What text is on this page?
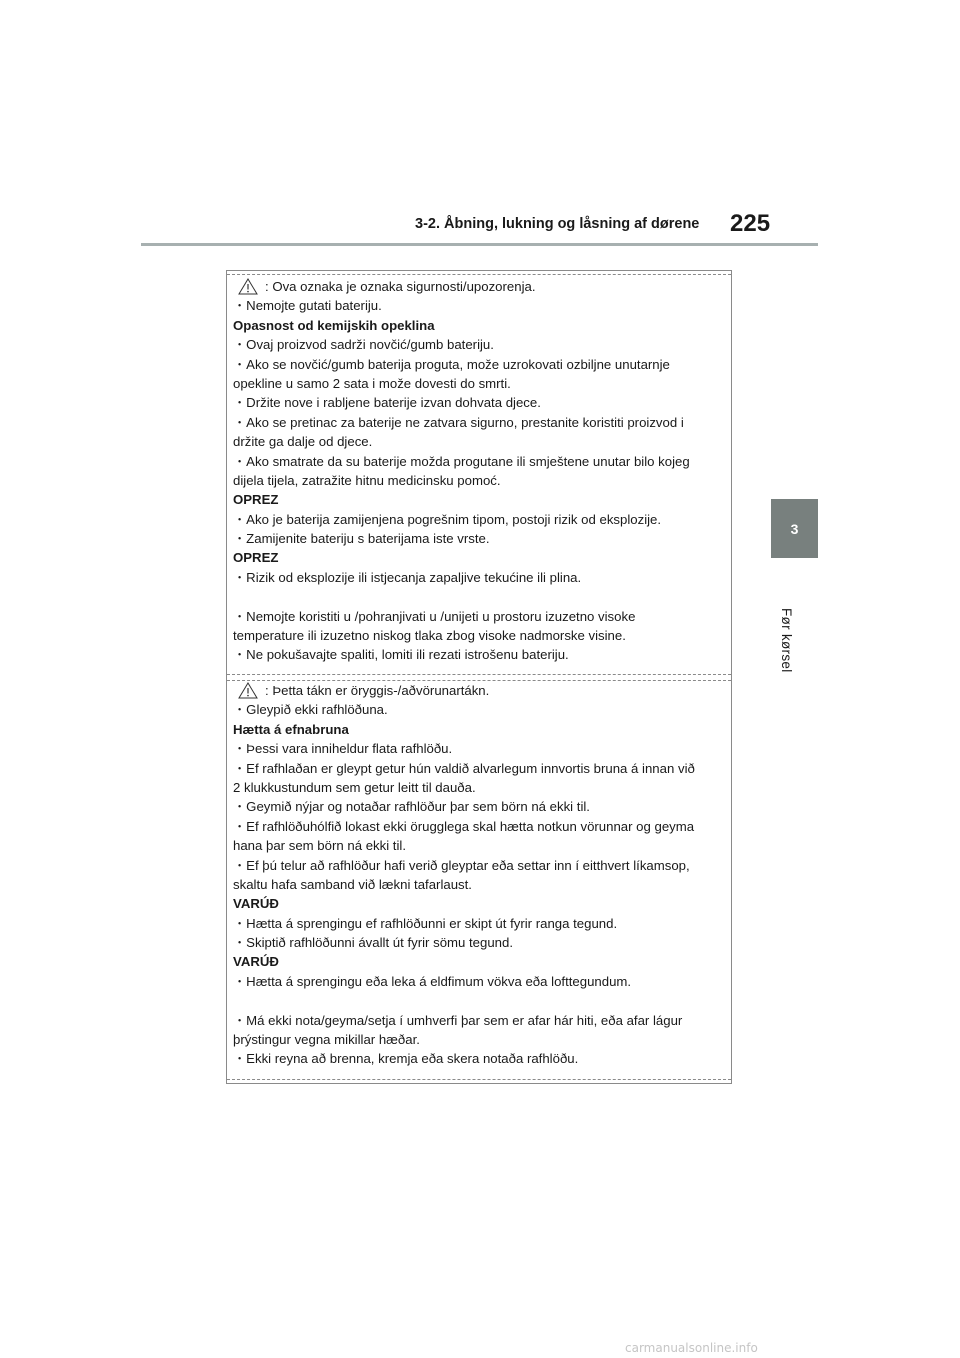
3-2. Åbning, lukning og låsning af dørene 225
3
Før kørsel
: Ova oznaka je oznaka sigurnosti/upozorenja.
・Nemojte gutati bateriju.
Opasnost od kemijskih opeklina
・Ovaj proizvod sadrži novčić/gumb bateriju.
・Ako se novčić/gumb baterija proguta, može uzrokovati ozbiljne unutarnje
opekline u samo 2 sata i može dovesti do smrti.
・Držite nove i rabljene baterije izvan dohvata djece.
・Ako se pretinac za baterije ne zatvara sigurno, prestanite koristiti proizvod i
držite ga dalje od djece.
・Ako smatrate da su baterije možda progutane ili smještene unutar bilo kojeg
dijela tijela, zatražite hitnu medicinsku pomoć.
OPREZ
・Ako je baterija zamijenjena pogrešnim tipom, postoji rizik od eksplozije.
・Zamijenite bateriju s baterijama iste vrste.
OPREZ
・Rizik od eksplozije ili istjecanja zapaljive tekućine ili plina.
・Nemojte koristiti u /pohranjivati u /unijeti u prostoru izuzetno visoke
temperature ili izuzetno niskog tlaka zbog visoke nadmorske visine.
・Ne pokušavajte spaliti, lomiti ili rezati istrošenu bateriju.
: Þetta tákn er öryggis-/aðvörunartákn.
・Gleypið ekki rafhlöðuna.
Hætta á efnabruna
・Þessi vara inniheldur flata rafhlöðu.
・Ef rafhlaðan er gleypt getur hún valdið alvarlegum innvortis bruna á innan við
2 klukkustundum sem getur leitt til dauða.
・Geymið nýjar og notaðar rafhlöður þar sem börn ná ekki til.
・Ef rafhlöðuhólfið lokast ekki örugglega skal hætta notkun vörunnar og geyma
hana þar sem börn ná ekki til.
・Ef þú telur að rafhlöður hafi verið gleyptar eða settar inn í eitthvert líkamsop,
skaltu hafa samband við lækni tafarlaust.
VARÚÐ
・Hætta á sprengingu ef rafhlöðunni er skipt út fyrir ranga tegund.
・Skiptið rafhlöðunni ávallt út fyrir sömu tegund.
VARÚÐ
・Hætta á sprengingu eða leka á eldfimum vökva eða lofttegundum.
・Má ekki nota/geyma/setja í umhverfi þar sem er afar hár hiti, eða afar lágur
þrýstingur vegna mikillar hæðar.
・Ekki reyna að brenna, kremja eða skera notaða rafhlöðu.
carmanualsonline.info
